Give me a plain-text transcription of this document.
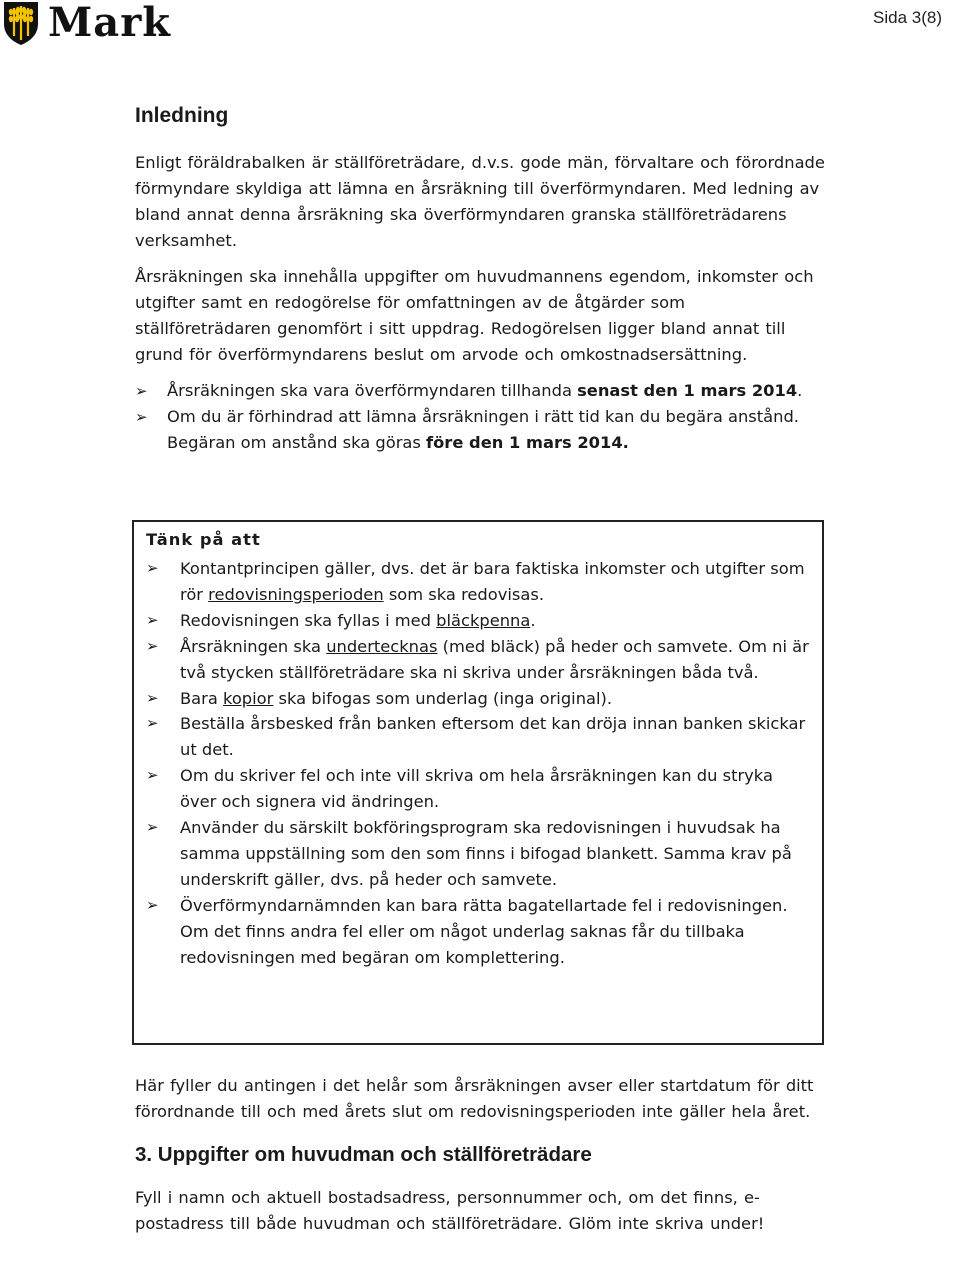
Mark	Sida 3(8)
Inledning

Enligt föräldrabalken är ställföreträdare, d.v.s. gode män, förvaltare och förordnade förmyndare skyldiga att lämna en årsräkning till överförmyndaren. Med ledning av bland annat denna årsräkning ska överförmyndaren granska ställföreträdarens verksamhet.

Årsräkningen ska innehålla uppgifter om huvudmannens egendom, inkomster och utgifter samt en redogörelse för omfattningen av de åtgärder som ställföreträdaren genomfört i sitt uppdrag. Redogörelsen ligger bland annat till grund för överförmyndarens beslut om arvode och omkostnadsersättning.

➢ Årsräkningen ska vara överförmyndaren tillhanda senast den 1 mars 2014.
➢ Om du är förhindrad att lämna årsräkningen i rätt tid kan du begära anstånd. Begäran om anstånd ska göras före den 1 mars 2014.
Tänk på att
➢ Kontantprincipen gäller, dvs. det är bara faktiska inkomster och utgifter som rör redovisningsperioden som ska redovisas.
➢ Redovisningen ska fyllas i med bläckpenna.
➢ Årsräkningen ska undertecknas (med bläck) på heder och samvete. Om ni är två stycken ställföreträdare ska ni skriva under årsräkningen båda två.
➢ Bara kopior ska bifogas som underlag (inga original).
➢ Beställa årsbesked från banken eftersom det kan dröja innan banken skickar ut det.
➢ Om du skriver fel och inte vill skriva om hela årsräkningen kan du stryka över och signera vid ändringen.
➢ Använder du särskilt bokföringsprogram ska redovisningen i huvudsak ha samma uppställning som den som finns i bifogad blankett. Samma krav på underskrift gäller, dvs. på heder och samvete.
➢ Överförmyndarnämnden kan bara rätta bagatellartade fel i redovisningen. Om det finns andra fel eller om något underlag saknas får du tillbaka redovisningen med begäran om komplettering.

Här fyller du antingen i det helår som årsräkningen avser eller startdatum för ditt förordnande till och med årets slut om redovisningsperioden inte gäller hela året.

3. Uppgifter om huvudman och ställföreträdare

Fyll i namn och aktuell bostadsadress, personnummer och, om det finns, e-postadress till både huvudman och ställföreträdare. Glöm inte skriva under!
